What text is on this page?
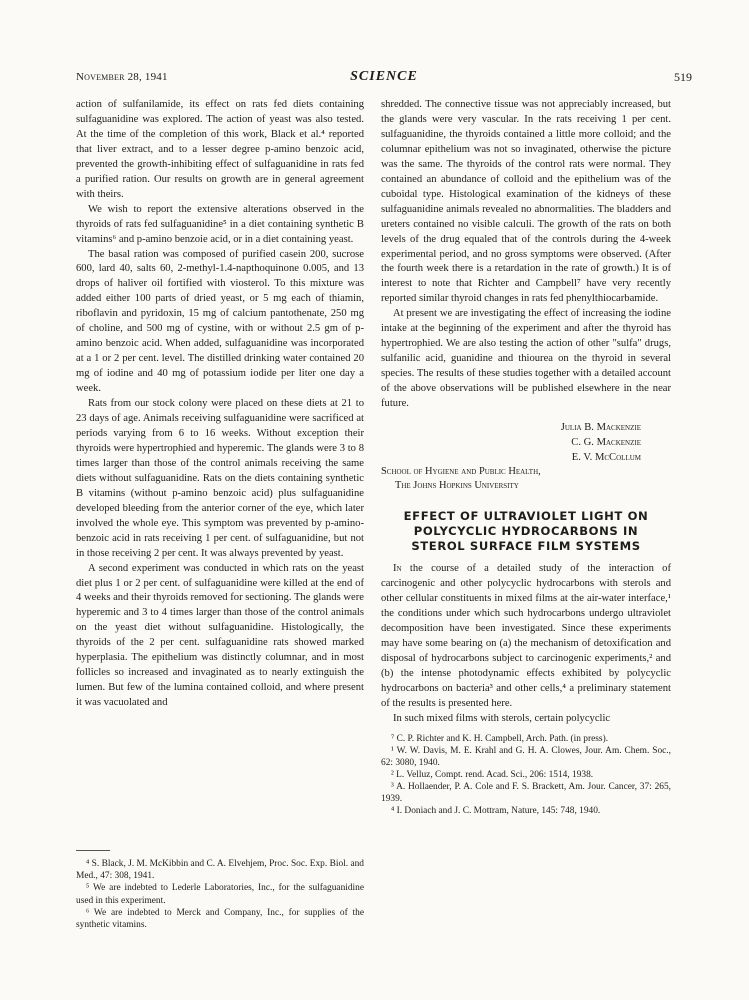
November 28, 1941	SCIENCE	519

action of sulfanilamide, its effect on rats fed diets containing sulfaguanidine was explored. The action of yeast was also tested. At the time of the completion of this work, Black et al.⁴ reported that liver extract, and to a lesser degree p-amino benzoic acid, prevented the growth-inhibiting effect of sulfaguanidine in rats fed a purified ration. Our results on growth are in general agreement with theirs.

We wish to report the extensive alterations observed in the thyroids of rats fed sulfaguanidine⁵ in a diet containing synthetic B vitamins⁶ and p-amino benzoie acid, or in a diet containing yeast.

The basal ration was composed of purified casein 200, sucrose 600, lard 40, salts 60, 2-methyl-1.4-napthoquinone 0.005, and 13 drops of haliver oil fortified with viosterol. To this mixture was added either 100 parts of dried yeast, or 5 mg each of thiamin, riboflavin and pyridoxin, 15 mg of calcium pantothenate, 250 mg of choline, and 500 mg of cystine, with or without 2.5 gm of p-amino benzoic acid. When added, sulfaguanidine was incorporated at a 1 or 2 per cent. level. The distilled drinking water contained 20 mg of iodine and 40 mg of potassium iodide per liter one day a week.

Rats from our stock colony were placed on these diets at 21 to 23 days of age. Animals receiving sulfaguanidine were sacrificed at periods varying from 6 to 16 weeks. Without exception their thyroids were hypertrophied and hyperemic. The glands were 3 to 8 times larger than those of the control animals receiving the same diets without sulfaguanidine. Rats on the diets containing synthetic B vitamins (without p-amino benzoic acid) plus sulfaguanidine developed bleeding from the anterior corner of the eye, which later involved the whole eye. This symptom was prevented by p-amino-benzoic acid in rats receiving 1 per cent. of sulfaguanidine, but not in those receiving 2 per cent. It was always prevented by yeast.

A second experiment was conducted in which rats on the yeast diet plus 1 or 2 per cent. of sulfaguanidine were killed at the end of 4 weeks and their thyroids removed for sectioning. The glands were hyperemic and 3 to 4 times larger than those of the control animals on the yeast diet without sulfaguanidine. Histologically, the thyroids of the 2 per cent. sulfaguanidine rats showed marked hyperplasia. The epithelium was distinctly columnar, and in most follicles so increased and invaginated as to nearly extinguish the lumen. But few of the lumina contained colloid, and where present it was vacuolated and

⁴ S. Black, J. M. McKibbin and C. A. Elvehjem, Proc. Soc. Exp. Biol. and Med., 47: 308, 1941.

⁵ We are indebted to Lederle Laboratories, Inc., for the sulfaguanidine used in this experiment.

⁶ We are indebted to Merck and Company, Inc., for supplies of the synthetic vitamins.

shredded. The connective tissue was not appreciably increased, but the glands were very vascular. In the rats receiving 1 per cent. sulfaguanidine, the thyroids contained a little more colloid; and the columnar epithelium was not so invaginated, otherwise the picture was the same. The thyroids of the control rats were normal. They contained an abundance of colloid and the epithelium was of the cuboidal type. Histological examination of the kidneys of these sulfaguanidine animals revealed no abnormalities. The bladders and ureters contained no visible calculi. The growth of the rats on both levels of the drug equaled that of the controls during the 4-week experimental period, and no gross symptoms were observed. (After the fourth week there is a retardation in the rate of growth.) It is of interest to note that Richter and Campbell⁷ have very recently reported similar thyroid changes in rats fed phenylthiocarbamide.

At present we are investigating the effect of increasing the iodine intake at the beginning of the experiment and after the thyroid has hypertrophied. We are also testing the action of other "sulfa" drugs, sulfanilic acid, guanidine and thiourea on the thyroid in several species. The results of these studies together with a detailed account of the above observations will be published elsewhere in the near future.

Julia B. Mackenzie
C. G. Mackenzie
E. V. McCollum
School of Hygiene and Public Health,
The Johns Hopkins University
EFFECT OF ULTRAVIOLET LIGHT ON POLYCYCLIC HYDROCARBONS IN STEROL SURFACE FILM SYSTEMS

In the course of a detailed study of the interaction of carcinogenic and other polycyclic hydrocarbons with sterols and other cellular constituents in mixed films at the air-water interface,¹ the conditions under which such hydrocarbons undergo ultraviolet decomposition have been investigated. Since these experiments may have some bearing on (a) the mechanism of detoxification and disposal of hydrocarbons subject to carcinogenic experiments,² and (b) the intense photodynamic effects exhibited by polycyclic hydrocarbons on bacteria³ and other cells,⁴ a preliminary statement of the results is presented here.

In such mixed films with sterols, certain polycyclic

⁷ C. P. Richter and K. H. Campbell, Arch. Path. (in press).

¹ W. W. Davis, M. E. Krahl and G. H. A. Clowes, Jour. Am. Chem. Soc., 62: 3080, 1940.

² L. Velluz, Compt. rend. Acad. Sci., 206: 1514, 1938.

³ A. Hollaender, P. A. Cole and F. S. Brackett, Am. Jour. Cancer, 37: 265, 1939.

⁴ I. Doniach and J. C. Mottram, Nature, 145: 748, 1940.
